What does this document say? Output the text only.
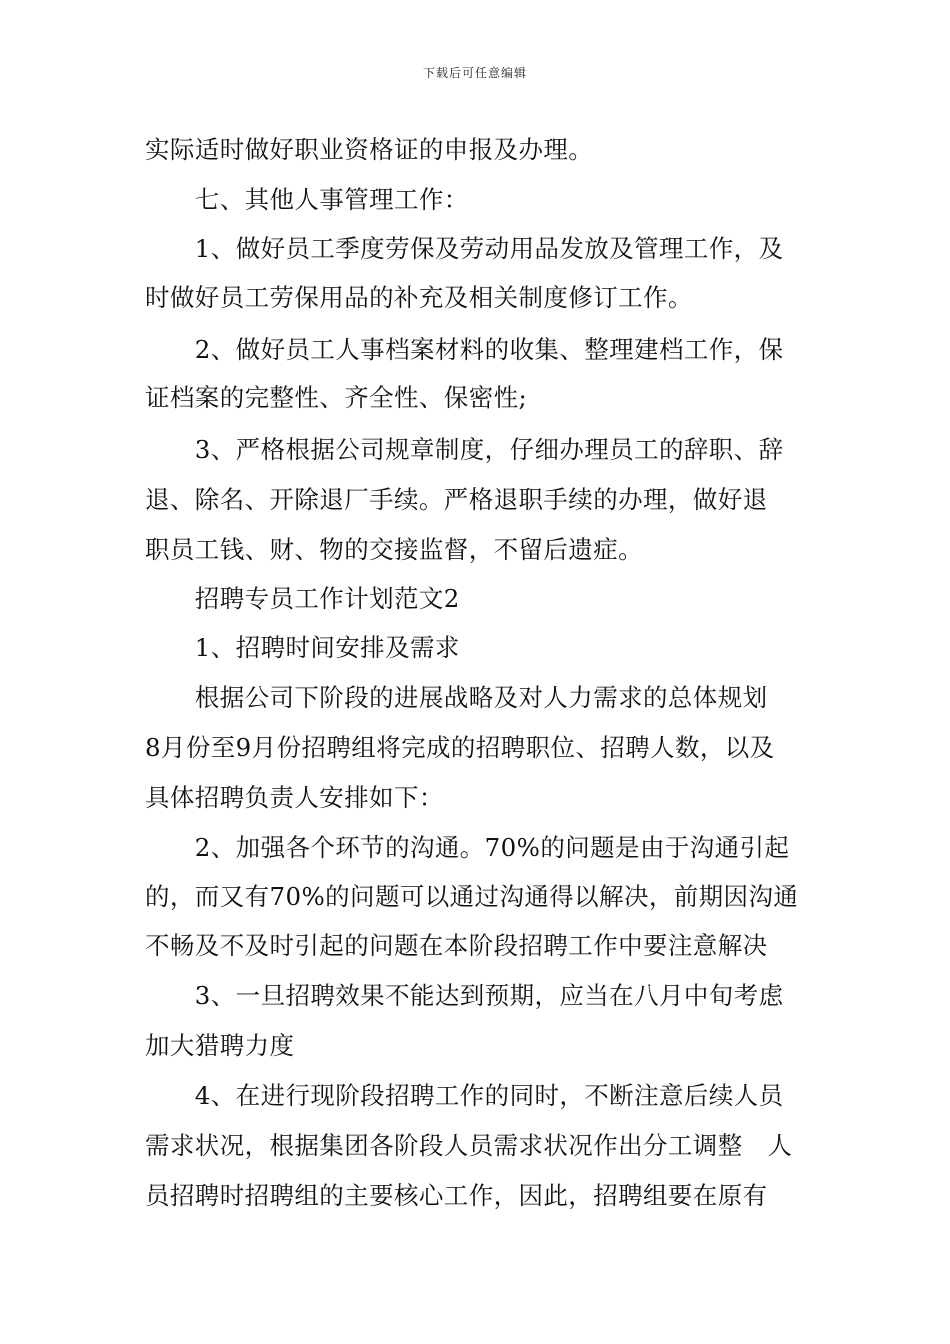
下载后可任意编辑
实际适时做好职业资格证的申报及办理。
　　七、其他人事管理工作：
　　1、做好员工季度劳保及劳动用品发放及管理工作，及
时做好员工劳保用品的补充及相关制度修订工作。
　　2、做好员工人事档案材料的收集、整理建档工作，保
证档案的完整性、齐全性、保密性;
　　3、严格根据公司规章制度，仔细办理员工的辞职、辞
退、除名、开除退厂手续。严格退职手续的办理，做好退
职员工钱、财、物的交接监督，不留后遗症。
　　招聘专员工作计划范文2
　　1、招聘时间安排及需求
　　根据公司下阶段的进展战略及对人力需求的总体规划
8月份至9月份招聘组将完成的招聘职位、招聘人数，以及
具体招聘负责人安排如下：
　　2、加强各个环节的沟通。70%的问题是由于沟通引起
的，而又有70%的问题可以通过沟通得以解决，前期因沟通
不畅及不及时引起的问题在本阶段招聘工作中要注意解决
　　3、一旦招聘效果不能达到预期，应当在八月中旬考虑
加大猎聘力度
　　4、在进行现阶段招聘工作的同时，不断注意后续人员
需求状况，根据集团各阶段人员需求状况作出分工调整　人
员招聘时招聘组的主要核心工作，因此，招聘组要在原有
